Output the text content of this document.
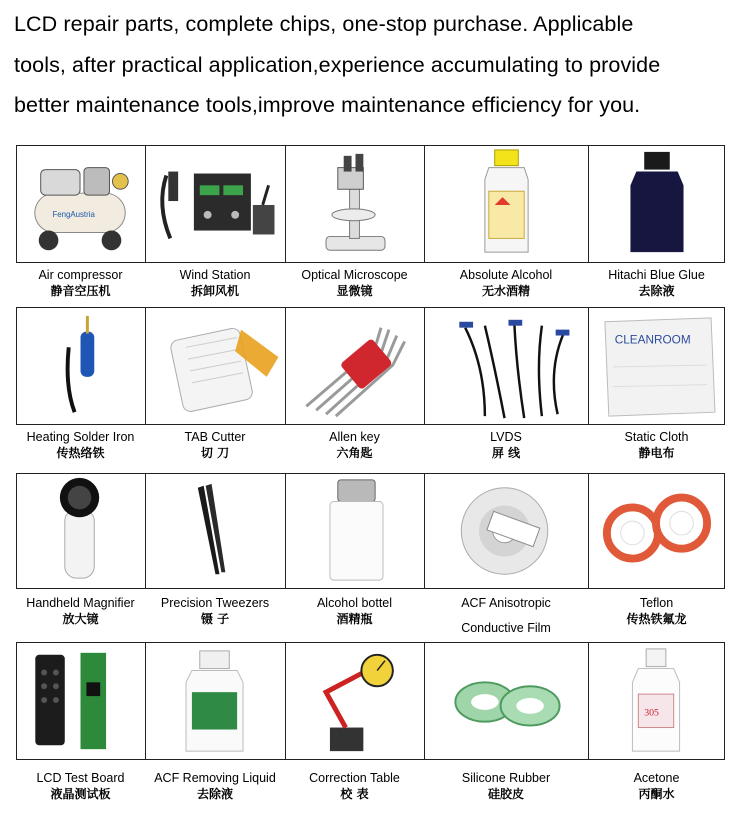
LCD repair parts, complete chips, one-stop purchase. Applicable
tools, after practical application,experience accumulating to provide
better maintenance tools,improve maintenance efficiency for you.
FengAustria
Air compressor
静音空压机
Wind Station
拆卸风机
Optical Microscope
显微镜
Absolute Alcohol
无水酒精
Hitachi Blue Glue
去除液
Heating Solder Iron
传热络铁
TAB Cutter
切 刀
Allen key
六角匙
LVDS
屏 线
CLEANROOM
Static Cloth
静电布
Handheld Magnifier
放大镜
Precision Tweezers
镊 子
Alcohol bottel
酒精瓶
ACF Anisotropic
Conductive Film
Teflon
传热铁氟龙
LCD Test Board
液晶测试板
ACF Removing Liquid
去除液
Correction Table
校 表
Silicone Rubber
硅胶皮
305
Acetone
丙酮水
